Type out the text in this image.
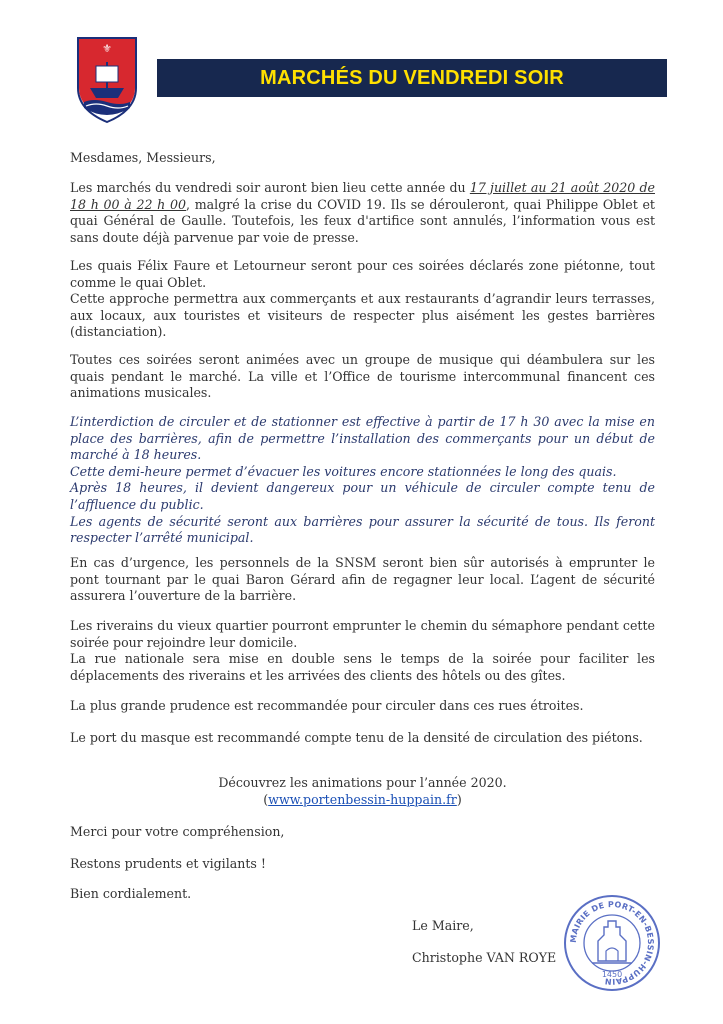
⚜
MARCHÉS DU VENDREDI SOIR

Mesdames, Messieurs,

Les marchés du vendredi soir auront bien lieu cette année du 17 juillet au 21 août 2020 de 18 h 00 à 22 h 00, malgré la crise du COVID 19. Ils se dérouleront, quai Philippe Oblet et quai Général de Gaulle. Toutefois, les feux d'artifice sont annulés, l’information vous est sans doute déjà parvenue par voie de presse.

Les quais Félix Faure et Letourneur seront pour ces soirées déclarés zone piétonne, tout comme le quai Oblet.

Cette approche permettra aux commerçants et aux restaurants d’agrandir leurs terrasses, aux locaux, aux touristes et visiteurs de respecter plus aisément les gestes barrières (distanciation).

Toutes ces soirées seront animées avec un groupe de musique qui déambulera sur les quais pendant le marché. La ville et l’Office de tourisme intercommunal financent ces animations musicales.

L’interdiction de circuler et de stationner est effective à partir de 17 h 30 avec la mise en place des barrières, afin de permettre l’installation des commerçants pour un début de marché à 18 heures.

Cette demi-heure permet d’évacuer les voitures encore stationnées le long des quais.

Après 18 heures, il devient dangereux pour un véhicule de circuler compte tenu de l’affluence du public.

Les agents de sécurité seront aux barrières pour assurer la sécurité de tous. Ils feront respecter l’arrêté municipal.

En cas d’urgence, les personnels de la SNSM seront bien sûr autorisés à emprunter le pont tournant par le quai Baron Gérard afin de regagner leur local. L’agent de sécurité assurera l’ouverture de la barrière.

Les riverains du vieux quartier pourront emprunter le chemin du sémaphore pendant cette soirée pour rejoindre leur domicile.

La rue nationale sera mise en double sens le temps de la soirée pour faciliter les déplacements des riverains et les arrivées des clients des hôtels ou des gîtes.

La plus grande prudence est recommandée pour circuler dans ces rues étroites.

Le port du masque est recommandé compte tenu de la densité de circulation des piétons.

Découvrez les animations pour l’année 2020.

(www.portenbessin-huppain.fr)

Merci pour votre compréhension,

Restons prudents et vigilants !

Bien cordialement.

Le Maire,
Christophe VAN ROYE
MAIRIE DE PORT-EN-BESSIN-HUPPAIN
1450
